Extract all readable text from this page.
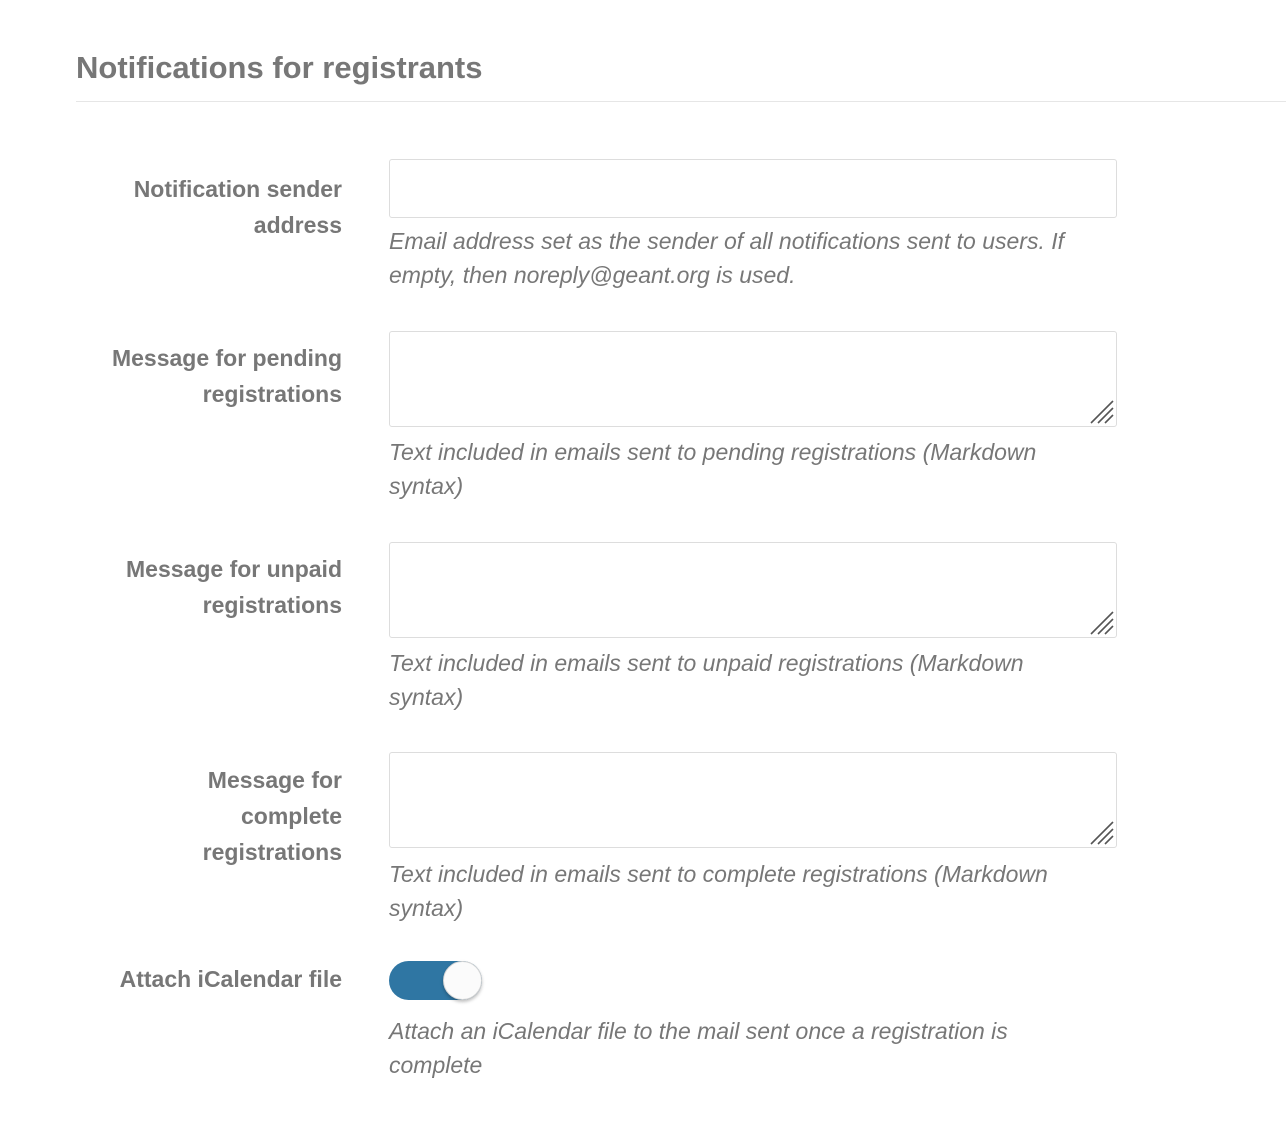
Notifications for registrants
Notification sender
address
Email address set as the sender of all notifications sent to users. If
empty, then noreply@geant.org is used.
Message for pending
registrations
Text included in emails sent to pending registrations (Markdown
syntax)
Message for unpaid
registrations
Text included in emails sent to unpaid registrations (Markdown
syntax)
Message for
complete
registrations
Text included in emails sent to complete registrations (Markdown
syntax)
Attach iCalendar file
Attach an iCalendar file to the mail sent once a registration is
complete
